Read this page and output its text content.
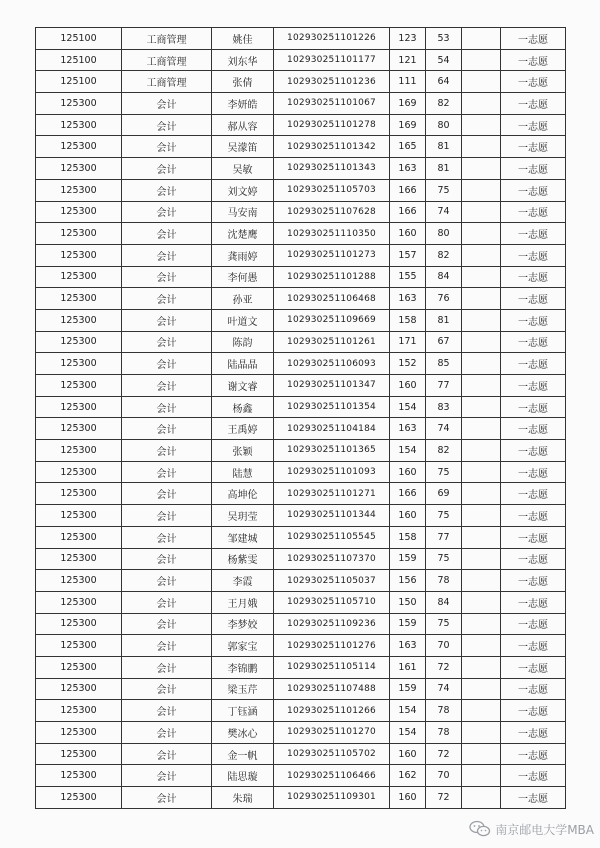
125100	工商管理	姚佳	102930251101226	123	53		一志愿
125100	工商管理	刘东华	102930251101177	121	54		一志愿
125100	工商管理	张倩	102930251101236	111	64		一志愿
125300	会计	李妍皓	102930251101067	169	82		一志愿
125300	会计	郝从容	102930251101278	169	80		一志愿
125300	会计	吴濛笛	102930251101342	165	81		一志愿
125300	会计	吴敏	102930251101343	163	81		一志愿
125300	会计	刘文婷	102930251105703	166	75		一志愿
125300	会计	马安南	102930251107628	166	74		一志愿
125300	会计	沈楚鹰	102930251110350	160	80		一志愿
125300	会计	龚雨婷	102930251101273	157	82		一志愿
125300	会计	李何愚	102930251101288	155	84		一志愿
125300	会计	孙亚	102930251106468	163	76		一志愿
125300	会计	叶道文	102930251109669	158	81		一志愿
125300	会计	陈韵	102930251101261	171	67		一志愿
125300	会计	陆晶晶	102930251106093	152	85		一志愿
125300	会计	谢文睿	102930251101347	160	77		一志愿
125300	会计	杨鑫	102930251101354	154	83		一志愿
125300	会计	王禹婷	102930251104184	163	74		一志愿
125300	会计	张颖	102930251101365	154	82		一志愿
125300	会计	陆慧	102930251101093	160	75		一志愿
125300	会计	高坤伦	102930251101271	166	69		一志愿
125300	会计	吴玥莹	102930251101344	160	75		一志愿
125300	会计	邹建城	102930251105545	158	77		一志愿
125300	会计	杨紫雯	102930251107370	159	75		一志愿
125300	会计	李霞	102930251105037	156	78		一志愿
125300	会计	王月娥	102930251105710	150	84		一志愿
125300	会计	李梦姣	102930251109236	159	75		一志愿
125300	会计	郭家宝	102930251101276	163	70		一志愿
125300	会计	李锦鹏	102930251105114	161	72		一志愿
125300	会计	梁玉芹	102930251107488	159	74		一志愿
125300	会计	丁钰涵	102930251101266	154	78		一志愿
125300	会计	樊冰心	102930251101270	154	78		一志愿
125300	会计	金一帆	102930251105702	160	72		一志愿
125300	会计	陆思璇	102930251106466	162	70		一志愿
125300	会计	朱瑞	102930251109301	160	72		一志愿
南京邮电大学MBA
